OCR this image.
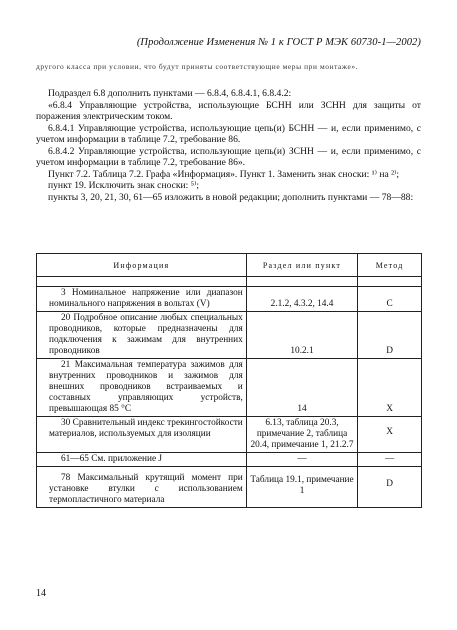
(Продолжение Изменения № 1 к ГОСТ Р МЭК 60730-1—2002)
другого класса при условии, что будут приняты соответствующие меры при монтаже».

Подраздел 6.8 дополнить пунктами — 6.8.4, 6.8.4.1, 6.8.4.2:

«6.8.4 Управляющие устройства, использующие БСНН или ЗСНН для защиты от поражения электрическим током.

6.8.4.1 Управляющие устройства, использующие цепь(и) БСНН — и, если применимо, с учетом информации в таблице 7.2, требование 86.

6.8.4.2 Управляющие устройства, использующие цепь(и) ЗСНН — и, если применимо, с учетом информации в таблице 7.2, требование 86».

Пункт 7.2. Таблица 7.2. Графа «Информация». Пункт 1. Заменить знак сноски: ¹⁾ на ²⁾;

пункт 19. Исключить знак сноски: ⁵⁾;

пункты 3, 20, 21, 30, 61—65 изложить в новой редакции; дополнить пунктами — 78—88:

Информация	Раздел или пункт	Метод

3 Номинальное напряжение или диапазон номинального напряжения в вольтах (V)	2.1.2, 4.3.2, 14.4	C

20 Подробное описание любых специальных проводников, которые предназначены для подключения к зажимам для внутренних проводников	10.2.1	D

21 Максимальная температура зажимов для внутренних проводников и зажимов для внешних проводников встраиваемых и составных управляющих устройств, превышающая 85 °C	14	X

30 Сравнительный индекс трекингостойкости материалов, используемых для изоляции	6.13, таблица 20.3, примечание 2, таблица 20.4, примечание 1, 21.2.7	X

61—65 См. приложение J	—	—

78 Максимальный крутящий момент при установке втулки с использованием термопластичного материала	Таблица 19.1, примечание 1	D
14
